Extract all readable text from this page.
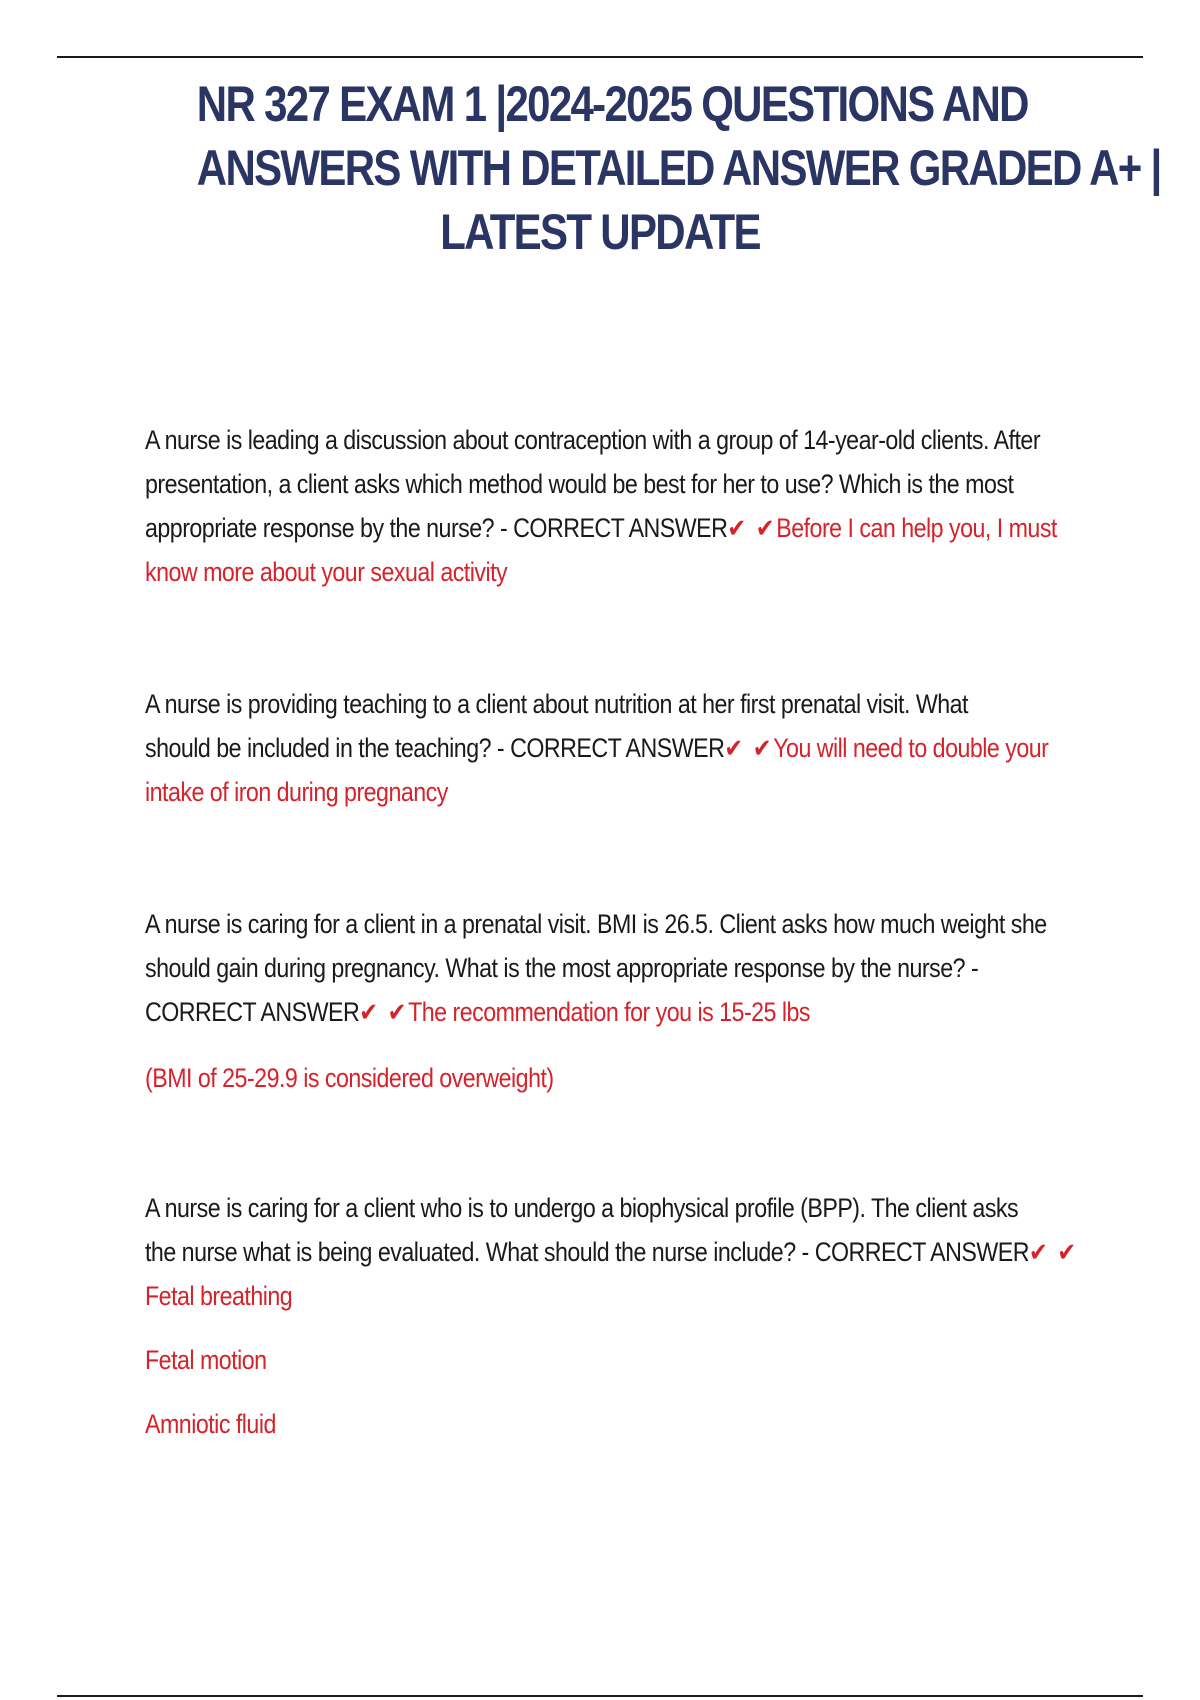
NR 327 EXAM 1 |2024-2025 QUESTIONS AND
ANSWERS WITH DETAILED ANSWER GRADED A+ |
LATEST UPDATE
A nurse is leading a discussion about contraception with a group of 14-year-old clients. After
presentation, a client asks which method would be best for her to use? Which is the most
appropriate response by the nurse? - CORRECT ANSWER✔ ✔Before I can help you, I must
know more about your sexual activity
A nurse is providing teaching to a client about nutrition at her first prenatal visit. What
should be included in the teaching? - CORRECT ANSWER✔ ✔You will need to double your
intake of iron during pregnancy
A nurse is caring for a client in a prenatal visit. BMI is 26.5. Client asks how much weight she
should gain during pregnancy. What is the most appropriate response by the nurse? -
CORRECT ANSWER✔ ✔The recommendation for you is 15-25 lbs
(BMI of 25-29.9 is considered overweight)
A nurse is caring for a client who is to undergo a biophysical profile (BPP). The client asks
the nurse what is being evaluated. What should the nurse include? - CORRECT ANSWER✔ ✔
Fetal breathing
Fetal motion
Amniotic fluid
